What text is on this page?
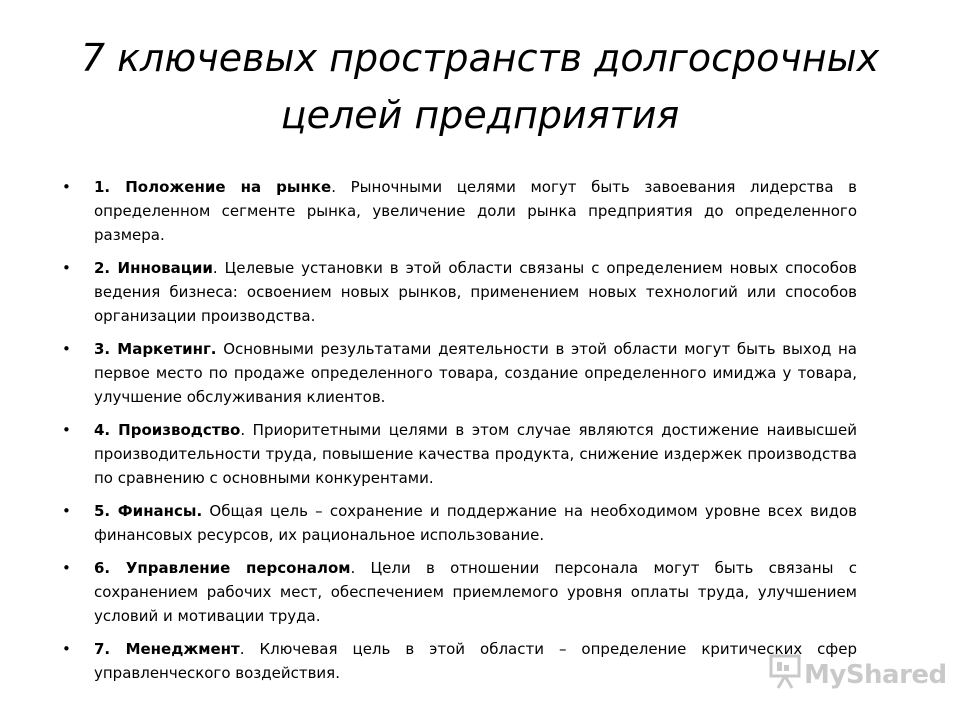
7 ключевых пространств долгосрочных целей предприятия
• 1. Положение на рынке. Рыночными целями могут быть завоевания лидерства в определенном сегменте рынка, увеличение доли рынка предприятия до определенного размера.
• 2. Инновации. Целевые установки в этой области связаны с определением новых способов ведения бизнеса: освоением новых рынков, применением новых технологий или способов организации производства.
• 3. Маркетинг. Основными результатами деятельности в этой области могут быть выход на первое место по продаже определенного товара, создание определенного имиджа у товара, улучшение обслуживания клиентов.
• 4. Производство. Приоритетными целями в этом случае являются достижение наивысшей производительности труда, повышение качества продукта, снижение издержек производства по сравнению с основными конкурентами.
• 5. Финансы. Общая цель – сохранение и поддержание на необходимом уровне всех видов финансовых ресурсов, их рациональное использование.
• 6. Управление персоналом. Цели в отношении персонала могут быть связаны с сохранением рабочих мест, обеспечением приемлемого уровня оплаты труда, улучшением условий и мотивации труда.
• 7. Менеджмент. Ключевая цель в этой области – определение критических сфер управленческого воздействия.	MyShared
